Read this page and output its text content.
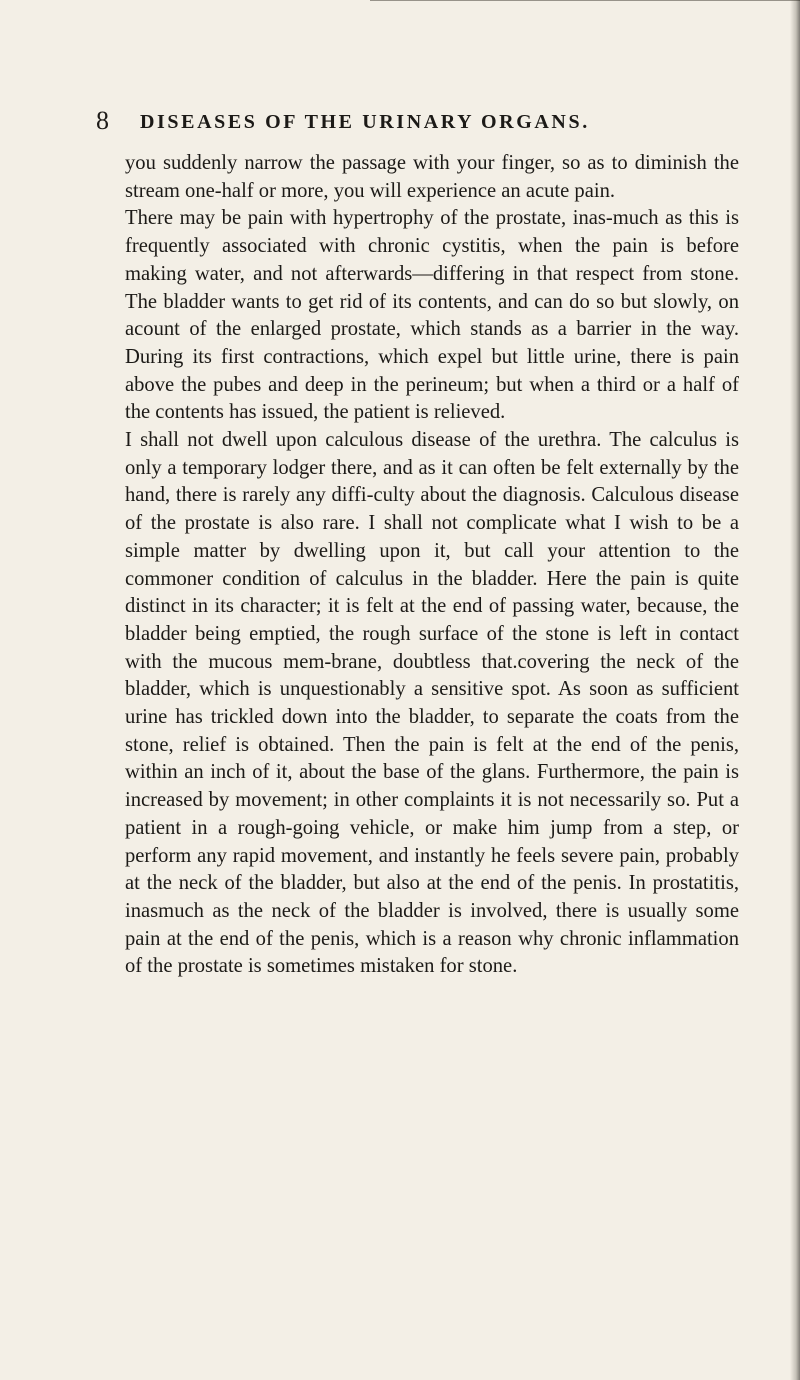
8 DISEASES OF THE URINARY ORGANS.

you suddenly narrow the passage with your finger, so as to diminish the stream one-half or more, you will experience an acute pain.

There may be pain with hypertrophy of the prostate, inas-much as this is frequently associated with chronic cystitis, when the pain is before making water, and not afterwards—differing in that respect from stone. The bladder wants to get rid of its contents, and can do so but slowly, on acount of the enlarged prostate, which stands as a barrier in the way. During its first contractions, which expel but little urine, there is pain above the pubes and deep in the perineum; but when a third or a half of the contents has issued, the patient is relieved.

I shall not dwell upon calculous disease of the urethra. The calculus is only a temporary lodger there, and as it can often be felt externally by the hand, there is rarely any diffi-culty about the diagnosis. Calculous disease of the prostate is also rare. I shall not complicate what I wish to be a simple matter by dwelling upon it, but call your attention to the commoner condition of calculus in the bladder. Here the pain is quite distinct in its character; it is felt at the end of passing water, because, the bladder being emptied, the rough surface of the stone is left in contact with the mucous mem-brane, doubtless that.covering the neck of the bladder, which is unquestionably a sensitive spot. As soon as sufficient urine has trickled down into the bladder, to separate the coats from the stone, relief is obtained. Then the pain is felt at the end of the penis, within an inch of it, about the base of the glans. Furthermore, the pain is increased by movement; in other complaints it is not necessarily so. Put a patient in a rough-going vehicle, or make him jump from a step, or perform any rapid movement, and instantly he feels severe pain, probably at the neck of the bladder, but also at the end of the penis. In prostatitis, inasmuch as the neck of the bladder is involved, there is usually some pain at the end of the penis, which is a reason why chronic inflammation of the prostate is sometimes mistaken for stone.
